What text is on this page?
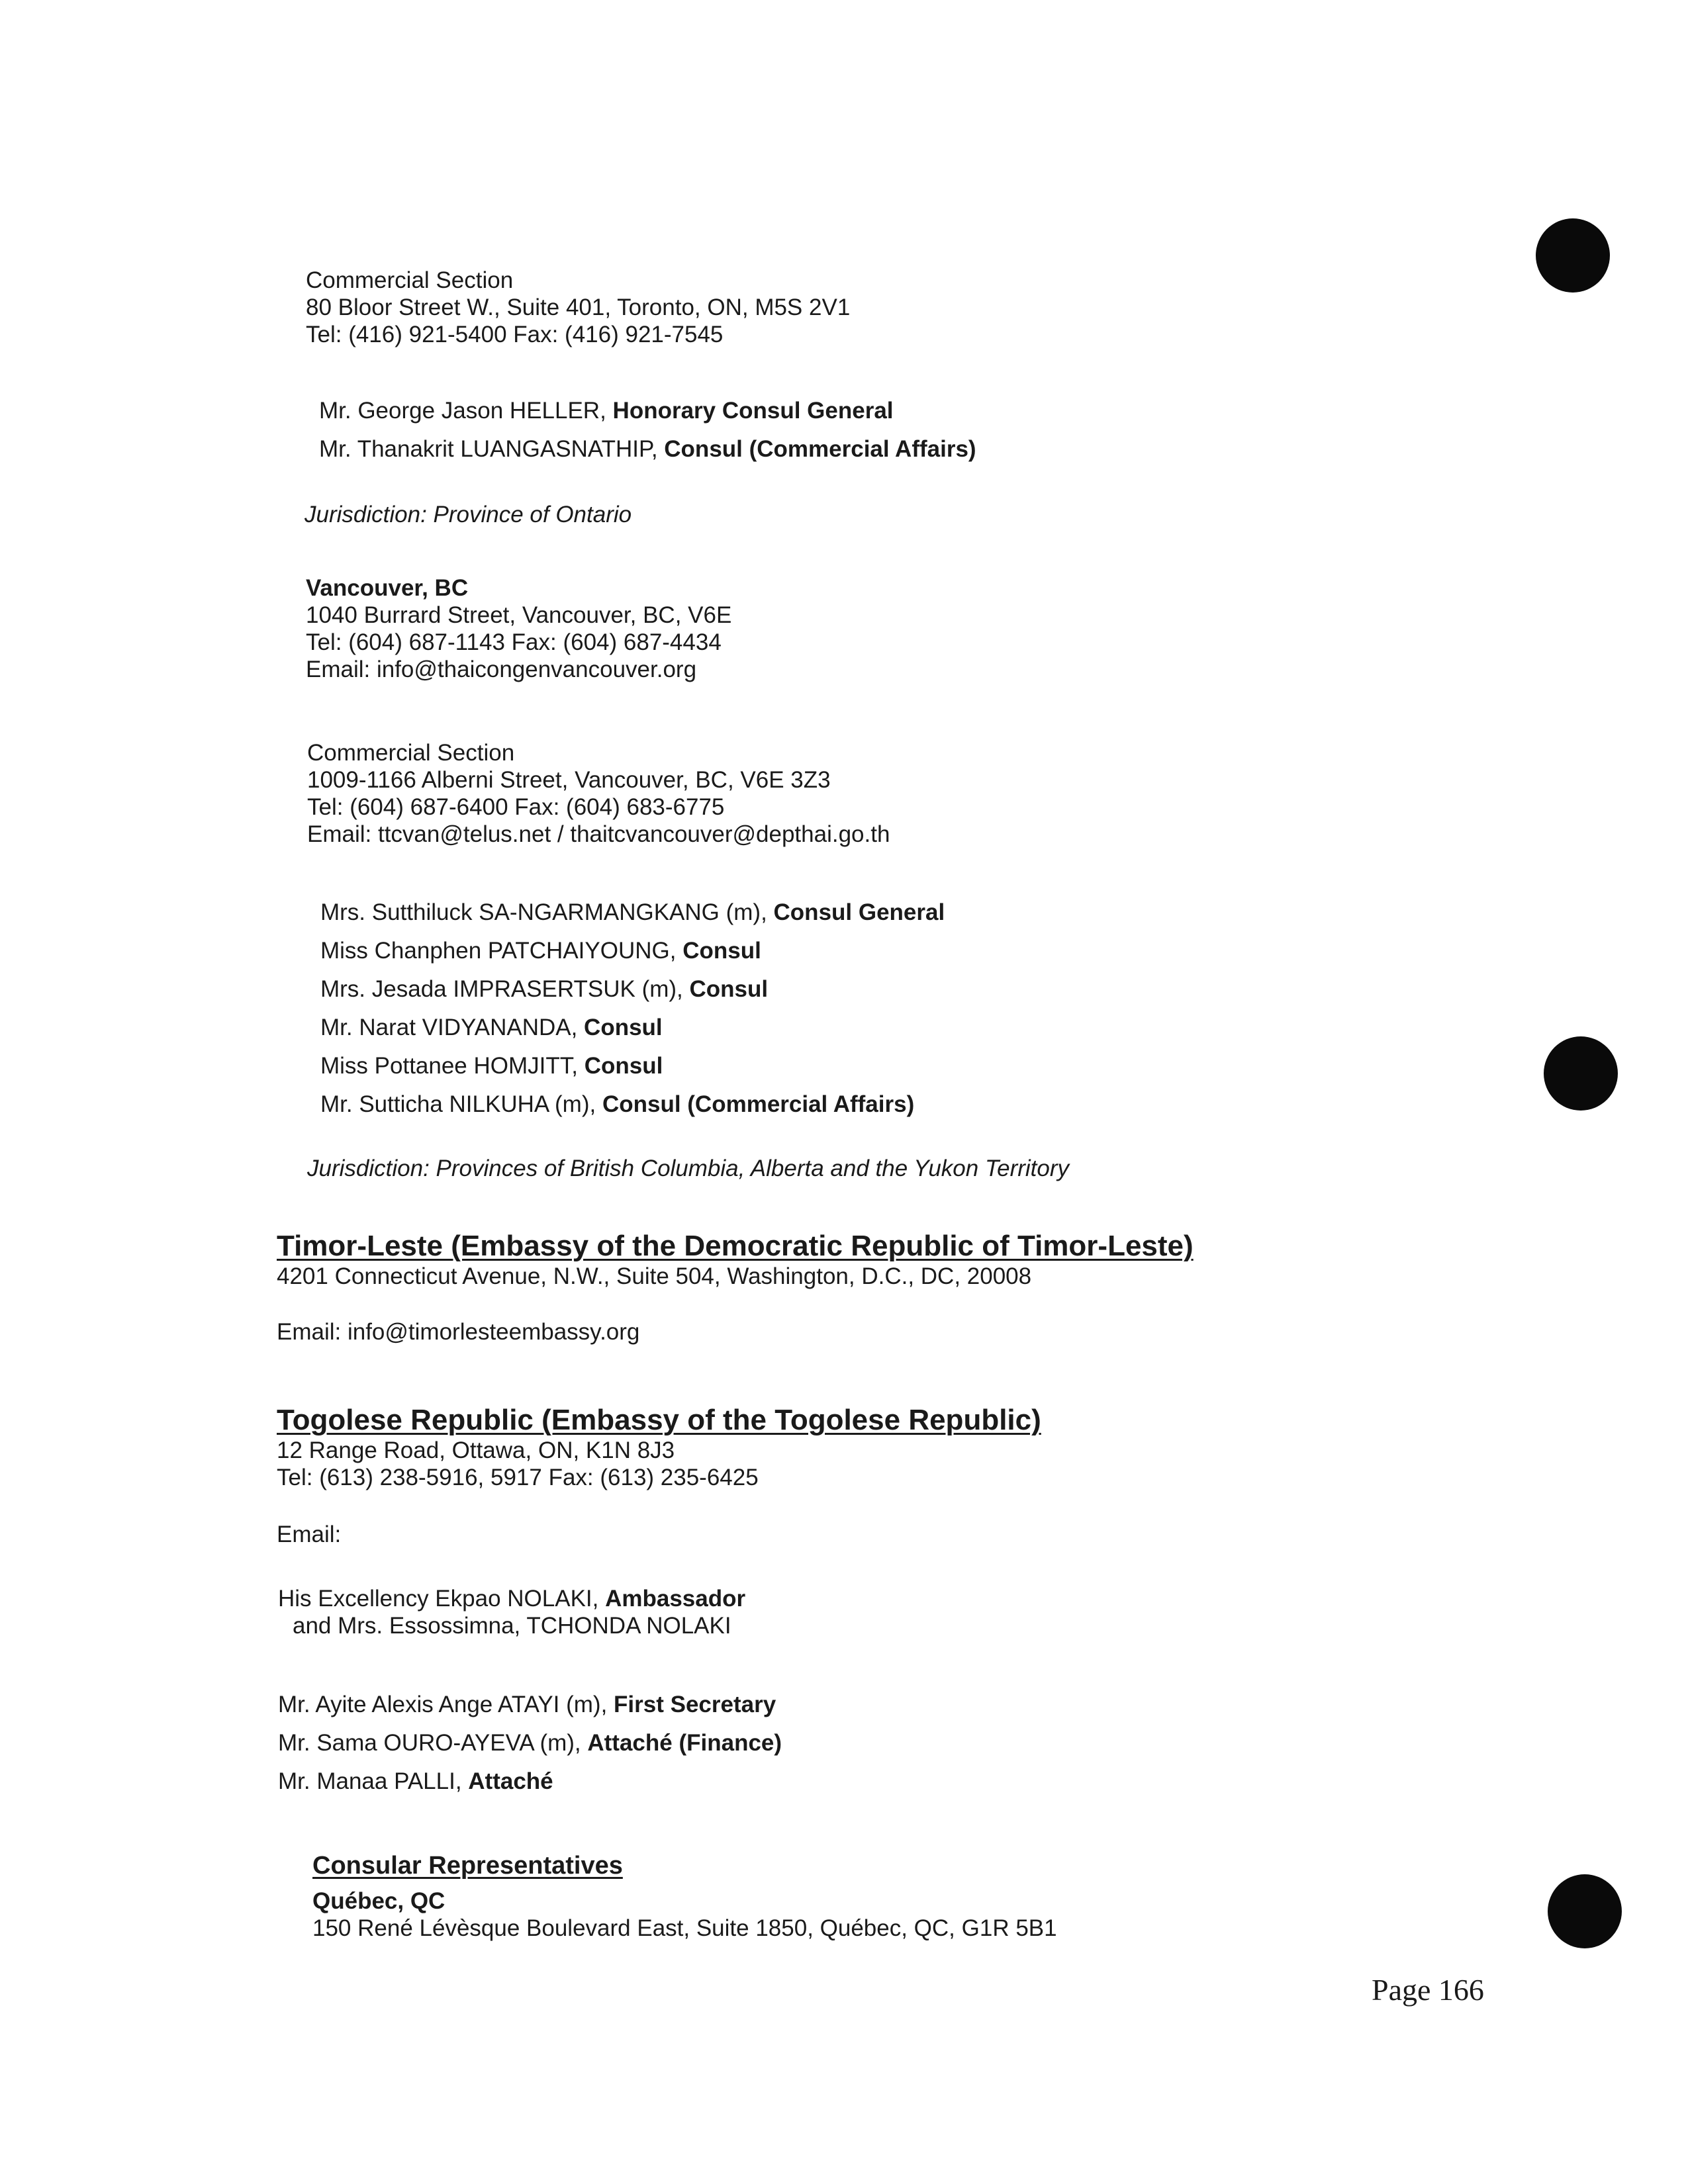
Commercial Section
80 Bloor Street W., Suite 401, Toronto, ON, M5S 2V1
Tel: (416) 921-5400 Fax: (416) 921-7545
Mr. George Jason HELLER, Honorary Consul General
Mr. Thanakrit LUANGASNATHIP, Consul (Commercial Affairs)
Jurisdiction: Province of Ontario
Vancouver, BC
1040 Burrard Street, Vancouver, BC, V6E
Tel: (604) 687-1143 Fax: (604) 687-4434
Email: info@thaicongenvancouver.org
Commercial Section
1009-1166 Alberni Street, Vancouver, BC, V6E 3Z3
Tel: (604) 687-6400 Fax: (604) 683-6775
Email: ttcvan@telus.net / thaitcvancouver@depthai.go.th
Mrs. Sutthiluck SA-NGARMANGKANG (m), Consul General
Miss Chanphen PATCHAIYOUNG, Consul
Mrs. Jesada IMPRASERTSUK (m), Consul
Mr. Narat VIDYANANDA, Consul
Miss Pottanee HOMJITT, Consul
Mr. Sutticha NILKUHA (m), Consul (Commercial Affairs)
Jurisdiction: Provinces of British Columbia, Alberta and the Yukon Territory
Timor-Leste (Embassy of the Democratic Republic of Timor-Leste)
4201 Connecticut Avenue, N.W., Suite 504, Washington, D.C., DC, 20008
Email: info@timorlesteembassy.org
Togolese Republic (Embassy of the Togolese Republic)
12 Range Road, Ottawa, ON, K1N 8J3
Tel: (613) 238-5916, 5917 Fax: (613) 235-6425
Email:
His Excellency Ekpao NOLAKI, Ambassador
and Mrs. Essossimna, TCHONDA NOLAKI
Mr. Ayite Alexis Ange ATAYI (m), First Secretary
Mr. Sama OURO-AYEVA (m), Attaché (Finance)
Mr. Manaa PALLI, Attaché
Consular Representatives
Québec, QC
150 René Lévèsque Boulevard East, Suite 1850, Québec, QC, G1R 5B1
Page 166
